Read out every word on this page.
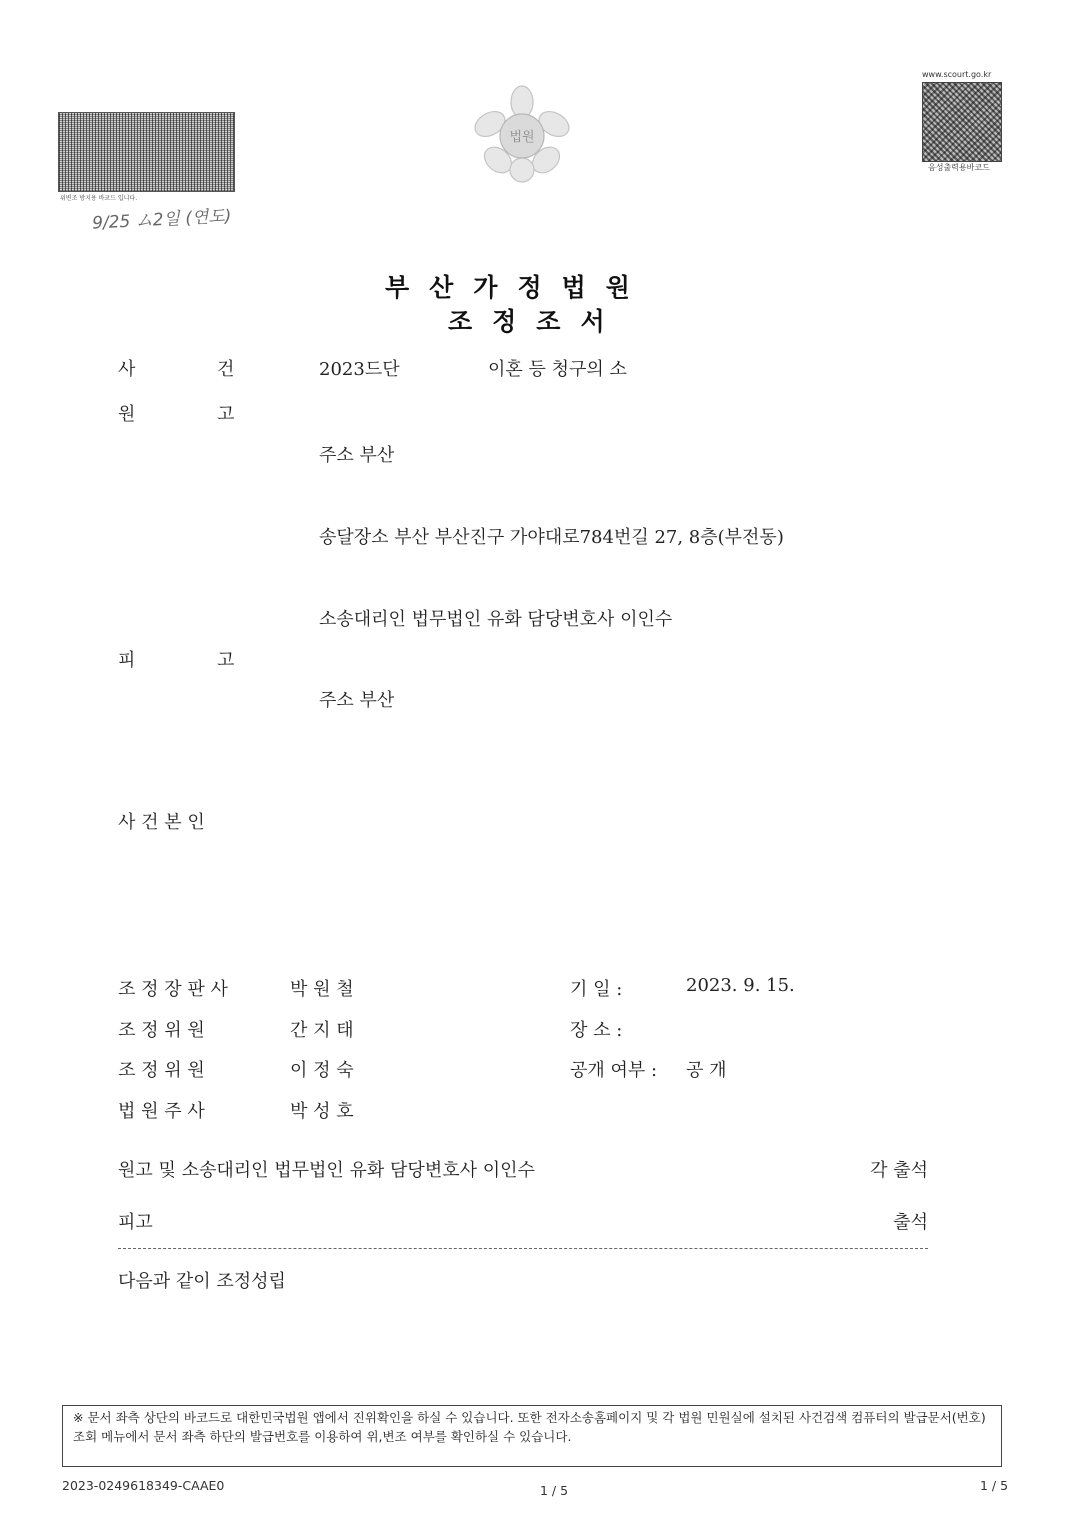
위변조 방지용 바코드 입니다.
9/25 ム2일 (연도)
법원
www.scourt.go.kr
음성출력용바코드
부산가정법원
조정조서
사	건	2023드단	이혼 등 청구의 소
원	고
주소 부산
송달장소 부산 부산진구 가야대로784번길 27, 8층(부전동)
소송대리인 법무법인 유화 담당변호사 이인수
피	고
주소 부산
사 건 본 인
조 정 장 판 사	박 원 철
조 정 위 원	간 지 태
조 정 위 원	이 정 숙
법 원 주 사	박 성 호
기 일 :	2023. 9. 15.
장 소 :
공개 여부 : 공 개
원고 및 소송대리인 법무법인 유화 담당변호사 이인수	각 출석
피고	출석
다음과 같이 조정성립
※ 문서 좌측 상단의 바코드로 대한민국법원 앱에서 진위확인을 하실 수 있습니다. 또한 전자소송홈페이지 및 각 법원 민원실에 설치된 사건검색 컴퓨터의 발급문서(번호)조회 메뉴에서 문서 좌측 하단의 발급번호를 이용하여 위,변조 여부를 확인하실 수 있습니다.
2023-0249618349-CAAE0	1 / 5	1 / 5
